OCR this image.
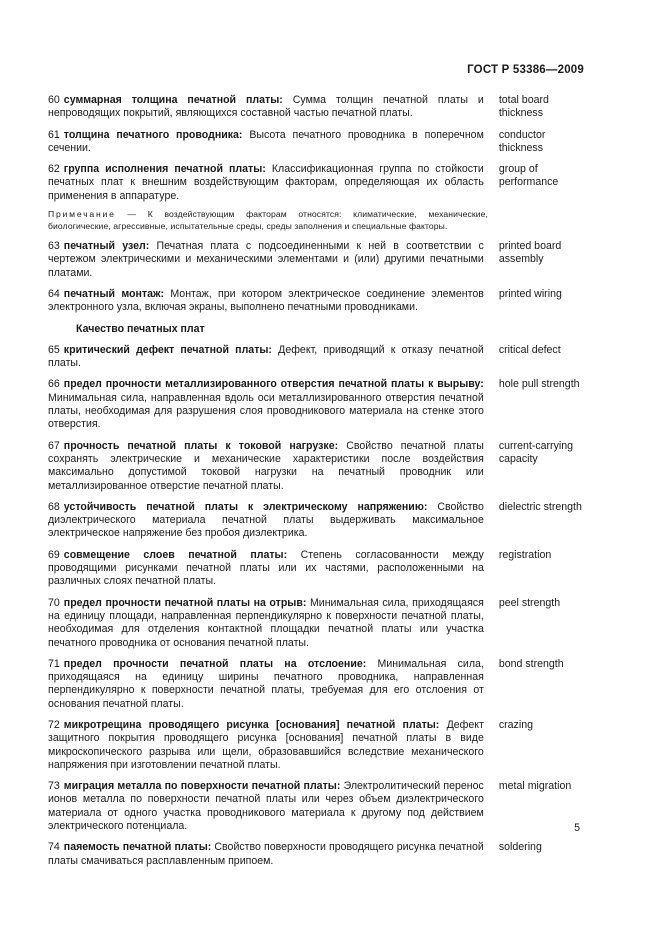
ГОСТ Р 53386—2009
60 суммарная толщина печатной платы: Сумма толщин печатной платы и непроводящих покрытий, являющихся составной частью печатной платы.
total board thickness
61 толщина печатного проводника: Высота печатного проводника в поперечном сечении.
conductor thickness
62 группа исполнения печатной платы: Классификационная группа по стойкости печатных плат к внешним воздействующим факторам, определяющая их область применения в аппаратуре.
group of performance
Примечание — К воздействующим факторам относятся: климатические, механические, биологические, агрессивные, испытательные среды, среды заполнения и специальные факторы.
63 печатный узел: Печатная плата с подсоединенными к ней в соответствии с чертежом электрическими и механическими элементами и (или) другими печатными платами.
printed board assembly
64 печатный монтаж: Монтаж, при котором электрическое соединение элементов электронного узла, включая экраны, выполнено печатными проводниками.
printed wiring
Качество печатных плат
65 критический дефект печатной платы: Дефект, приводящий к отказу печатной платы.
critical defect
66 предел прочности металлизированного отверстия печатной платы к вырыву: Минимальная сила, направленная вдоль оси металлизированного отверстия печатной платы, необходимая для разрушения слоя проводникового материала на стенке этого отверстия.
hole pull strength
67 прочность печатной платы к токовой нагрузке: Свойство печатной платы сохранять электрические и механические характеристики после воздействия максимально допустимой токовой нагрузки на печатный проводник или металлизированное отверстие печатной платы.
current-carrying capacity
68 устойчивость печатной платы к электрическому напряжению: Свойство диэлектрического материала печатной платы выдерживать максимальное электрическое напряжение без пробоя диэлектрика.
dielectric strength
69 совмещение слоев печатной платы: Степень согласованности между проводящими рисунками печатной платы или их частями, расположенными на различных слоях печатной платы.
registration
70 предел прочности печатной платы на отрыв: Минимальная сила, приходящаяся на единицу площади, направленная перпендикулярно к поверхности печатной платы, необходимая для отделения контактной площадки печатной платы или участка печатного проводника от основания печатной платы.
peel strength
71 предел прочности печатной платы на отслоение: Минимальная сила, приходящаяся на единицу ширины печатного проводника, направленная перпендикулярно к поверхности печатной платы, требуемая для его отслоения от основания печатной платы.
bond strength
72 микротрещина проводящего рисунка [основания] печатной платы: Дефект защитного покрытия проводящего рисунка [основания] печатной платы в виде микроскопического разрыва или щели, образовавшийся вследствие механического напряжения при изготовлении печатной платы.
crazing
73 миграция металла по поверхности печатной платы: Электролитический перенос ионов металла по поверхности печатной платы или через объем диэлектрического материала от одного участка проводникового материала к другому под действием электрического потенциала.
metal migration
74 паяемость печатной платы: Свойство поверхности проводящего рисунка печатной платы смачиваться расплавленным припоем.
soldering
5
